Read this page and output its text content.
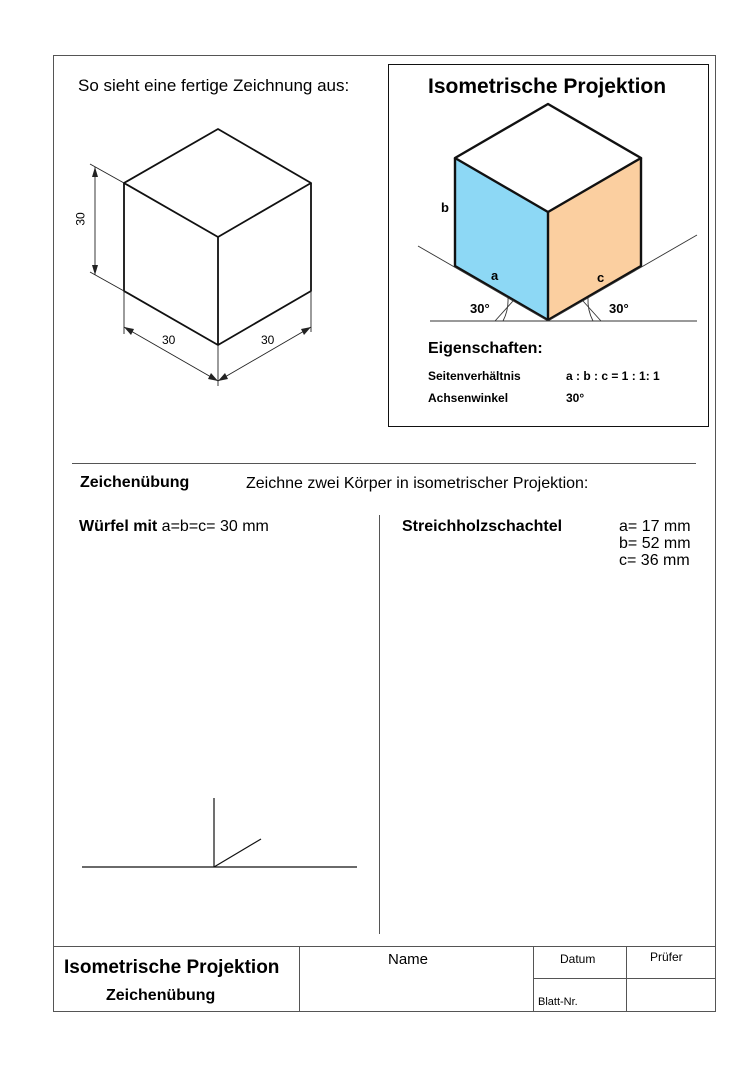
So sieht eine fertige Zeichnung aus:
30
30	30
Isometrische Projektion
b
a	c
30°	30°
Eigenschaften:
Seitenverhältnis	a : b : c = 1 : 1: 1
Achsenwinkel	30°
Zeichenübung	Zeichne zwei Körper in isometrischer Projektion:
Würfel mit a=b=c= 30 mm	Streichholzschachtel	a= 17 mm
b= 52 mm
c= 36 mm
Isometrische Projektion
Zeichenübung
Name	Datum	Prüfer
Blatt-Nr.
